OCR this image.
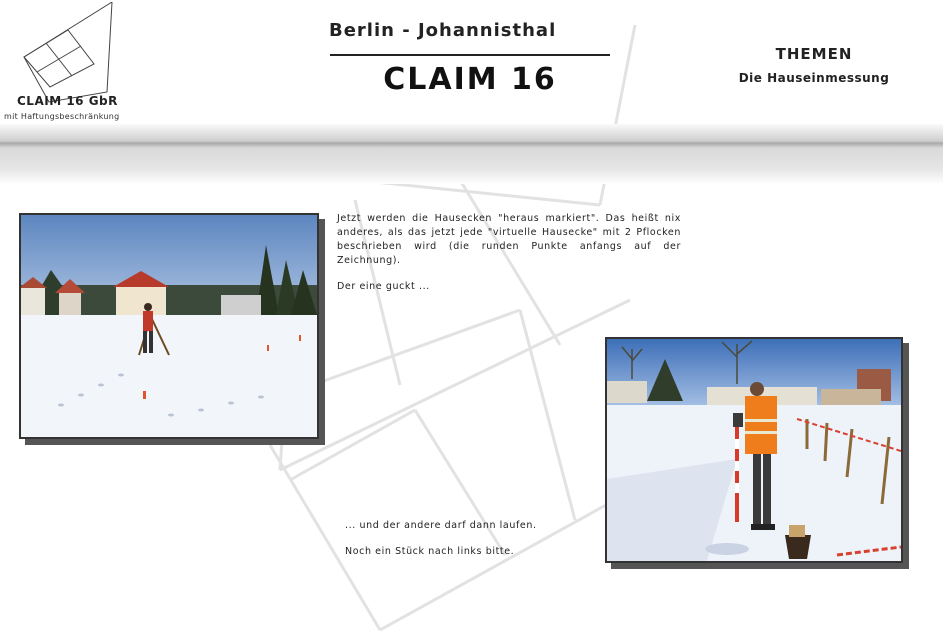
CLAIM 16 GbR
mit Haftungsbeschränkung
Berlin - Johannisthal
CLAIM 16
THEMEN
Die Hauseinmessung
Jetzt werden die Hausecken "heraus markiert". Das heißt nix anderes, als das jetzt jede "virtuelle Hausecke" mit 2 Pflocken beschrieben wird (die runden Punkte anfangs auf der Zeichnung).
Der eine guckt ...
... und der andere darf dann laufen.
Noch ein Stück nach links bitte.
